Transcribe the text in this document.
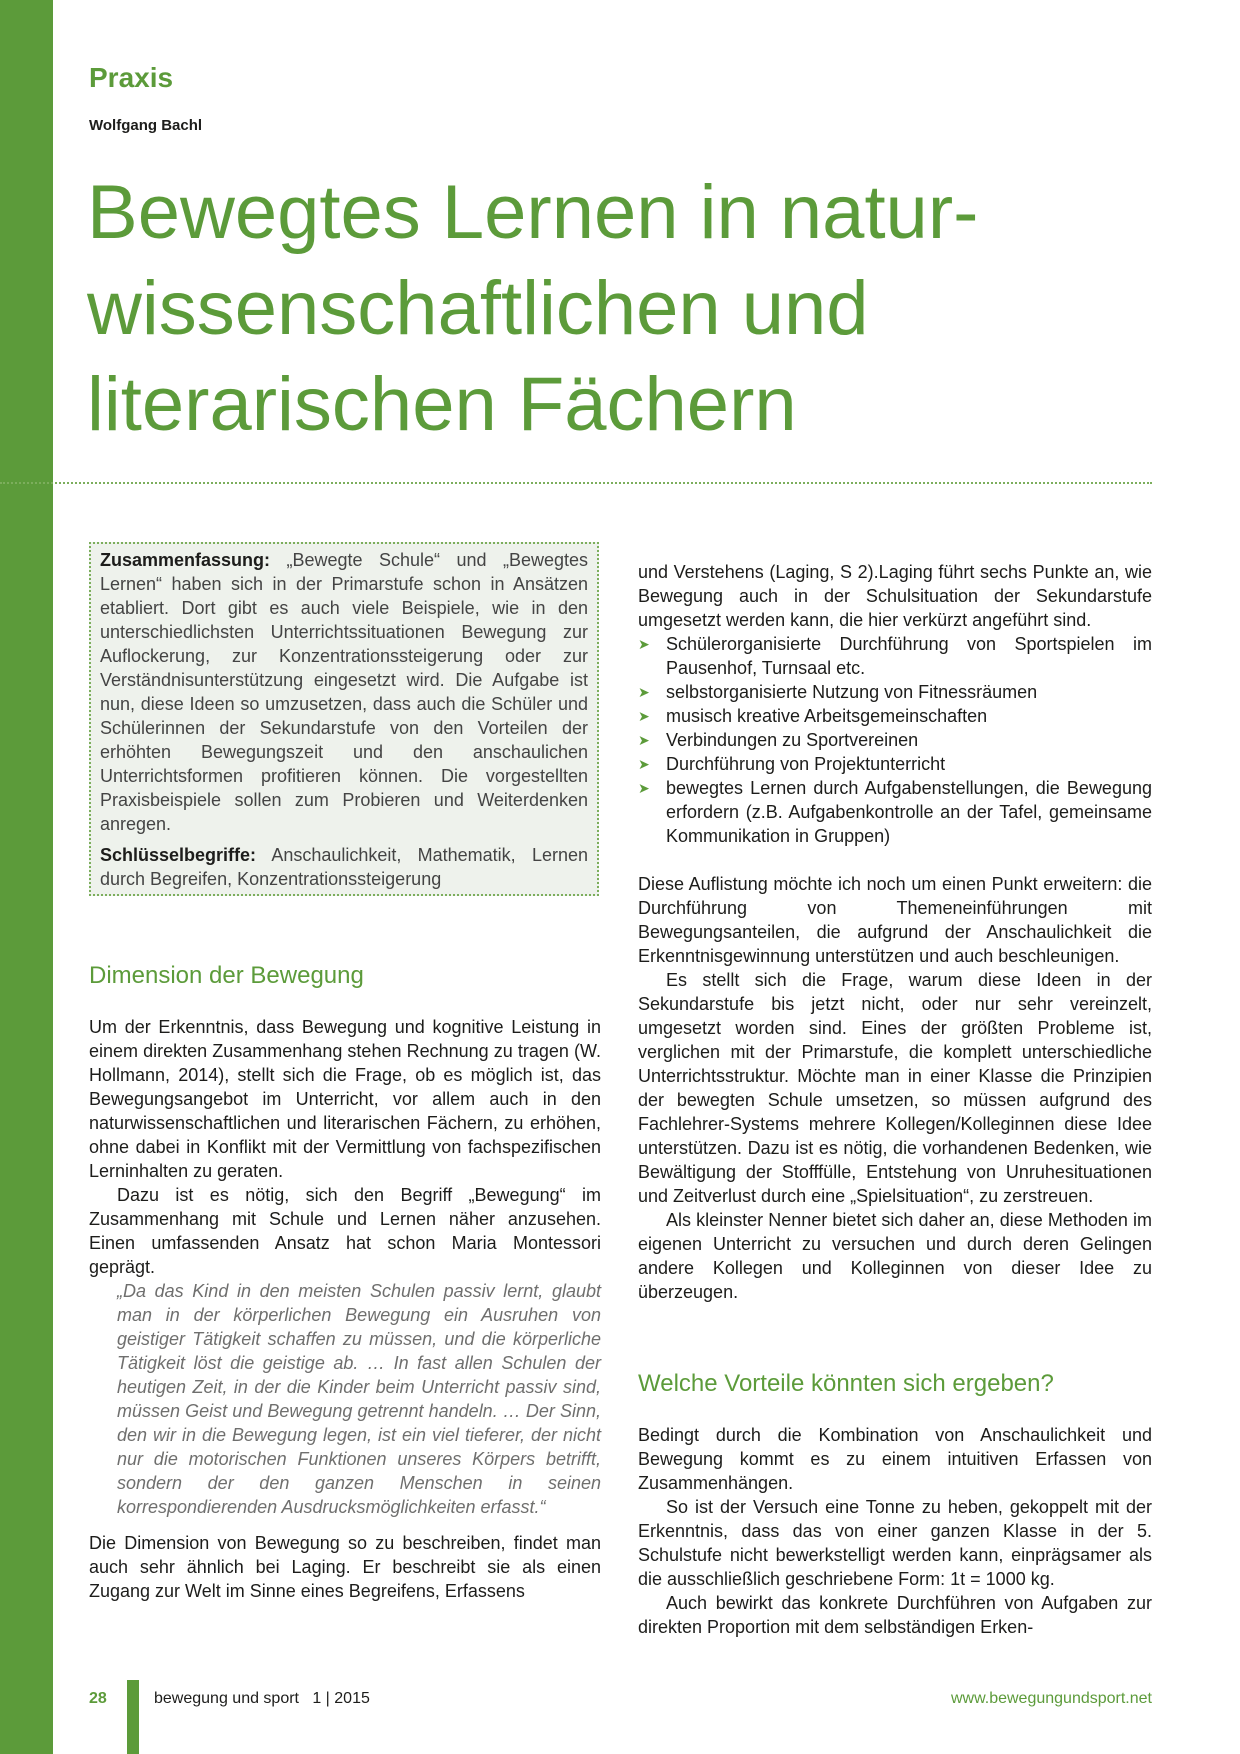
Praxis
Wolfgang Bachl
Bewegtes Lernen in natur-
wissenschaftlichen und
literarischen Fächern

Zusammenfassung: „Bewegte Schule“ und „Bewegtes Lernen“ haben sich in der Primarstufe schon in Ansätzen etabliert. Dort gibt es auch viele Beispiele, wie in den unterschiedlichsten Unterrichtssituationen Bewegung zur Auflockerung, zur Konzentrationssteigerung oder zur Verständnisunterstützung eingesetzt wird. Die Aufgabe ist nun, diese Ideen so umzusetzen, dass auch die Schüler und Schülerinnen der Sekundarstufe von den Vorteilen der erhöhten Bewegungszeit und den anschaulichen Unterrichtsformen profitieren können. Die vorgestellten Praxisbeispiele sollen zum Probieren und Weiterdenken anregen.

Schlüsselbegriffe: Anschaulichkeit, Mathematik, Lernen durch Begreifen, Konzentrationssteigerung

Dimension der Bewegung

Um der Erkenntnis, dass Bewegung und kognitive Leistung in einem direkten Zusammenhang stehen Rechnung zu tragen (W. Hollmann, 2014), stellt sich die Frage, ob es möglich ist, das Bewegungsangebot im Unterricht, vor allem auch in den naturwissenschaftlichen und literarischen Fächern, zu erhöhen, ohne dabei in Konflikt mit der Vermittlung von fachspezifischen Lerninhalten zu geraten.

Dazu ist es nötig, sich den Begriff „Bewegung“ im Zusammenhang mit Schule und Lernen näher anzusehen. Einen umfassenden Ansatz hat schon Maria Montessori geprägt.

„Da das Kind in den meisten Schulen passiv lernt, glaubt man in der körperlichen Bewegung ein Ausruhen von geistiger Tätigkeit schaffen zu müssen, und die körperliche Tätigkeit löst die geistige ab. … In fast allen Schulen der heutigen Zeit, in der die Kinder beim Unterricht passiv sind, müssen Geist und Bewegung getrennt handeln. … Der Sinn, den wir in die Bewegung legen, ist ein viel tieferer, der nicht nur die motorischen Funktionen unseres Körpers betrifft, sondern der den ganzen Menschen in seinen korrespondierenden Ausdrucksmöglichkeiten erfasst.“

Die Dimension von Bewegung so zu beschreiben, findet man auch sehr ähnlich bei Laging. Er beschreibt sie als einen Zugang zur Welt im Sinne eines Begreifens, Erfassens

und Verstehens (Laging, S 2).Laging führt sechs Punkte an, wie Bewegung auch in der Schulsituation der Sekundarstufe umgesetzt werden kann, die hier verkürzt angeführt sind.

➤ Schülerorganisierte Durchführung von Sportspielen im Pausenhof, Turnsaal etc.
➤ selbstorganisierte Nutzung von Fitnessräumen
➤ musisch kreative Arbeitsgemeinschaften
➤ Verbindungen zu Sportvereinen
➤ Durchführung von Projektunterricht
➤ bewegtes Lernen durch Aufgabenstellungen, die Bewegung erfordern (z.B. Aufgabenkontrolle an der Tafel, gemeinsame Kommunikation in Gruppen)

Diese Auflistung möchte ich noch um einen Punkt erweitern: die Durchführung von Themeneinführungen mit Bewegungsanteilen, die aufgrund der Anschaulichkeit die Erkenntnisgewinnung unterstützen und auch beschleunigen.

Es stellt sich die Frage, warum diese Ideen in der Sekundarstufe bis jetzt nicht, oder nur sehr vereinzelt, umgesetzt worden sind. Eines der größten Probleme ist, verglichen mit der Primarstufe, die komplett unterschiedliche Unterrichtsstruktur. Möchte man in einer Klasse die Prinzipien der bewegten Schule umsetzen, so müssen aufgrund des Fachlehrer-Systems mehrere Kollegen/Kolleginnen diese Idee unterstützen. Dazu ist es nötig, die vorhandenen Bedenken, wie Bewältigung der Stofffülle, Entstehung von Unruhesituationen und Zeitverlust durch eine „Spielsituation“, zu zerstreuen.

Als kleinster Nenner bietet sich daher an, diese Methoden im eigenen Unterricht zu versuchen und durch deren Gelingen andere Kollegen und Kolleginnen von dieser Idee zu überzeugen.

Welche Vorteile könnten sich ergeben?

Bedingt durch die Kombination von Anschaulichkeit und Bewegung kommt es zu einem intuitiven Erfassen von Zusammenhängen.

So ist der Versuch eine Tonne zu heben, gekoppelt mit der Erkenntnis, dass das von einer ganzen Klasse in der 5. Schulstufe nicht bewerkstelligt werden kann, einprägsamer als die ausschließlich geschriebene Form: 1t = 1000 kg.

Auch bewirkt das konkrete Durchführen von Aufgaben zur direkten Proportion mit dem selbständigen Erken-

28	bewegung und sport   1 | 2015	www.bewegungundsport.net
